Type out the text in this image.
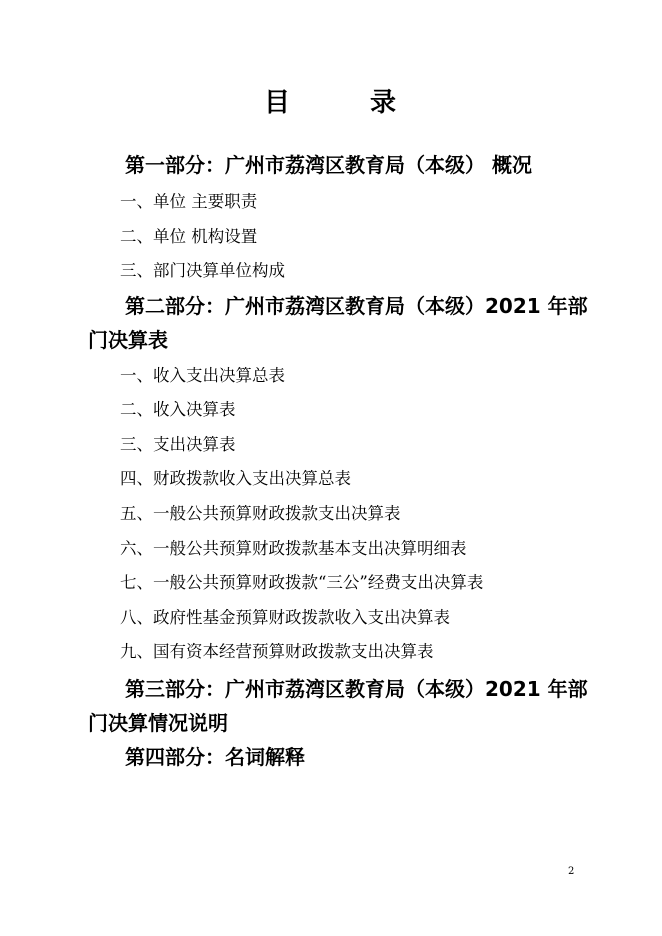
目	录
第一部分：广州市荔湾区教育局（本级） 概况
一、单位 主要职责
二、单位 机构设置
三、部门决算单位构成
第二部分：广州市荔湾区教育局（本级）2021 年部
门决算表
一、收入支出决算总表
二、收入决算表
三、支出决算表
四、财政拨款收入支出决算总表
五、一般公共预算财政拨款支出决算表
六、一般公共预算财政拨款基本支出决算明细表
七、一般公共预算财政拨款“三公”经费支出决算表
八、政府性基金预算财政拨款收入支出决算表
九、国有资本经营预算财政拨款支出决算表
第三部分：广州市荔湾区教育局（本级）2021 年部
门决算情况说明
第四部分：名词解释
2
